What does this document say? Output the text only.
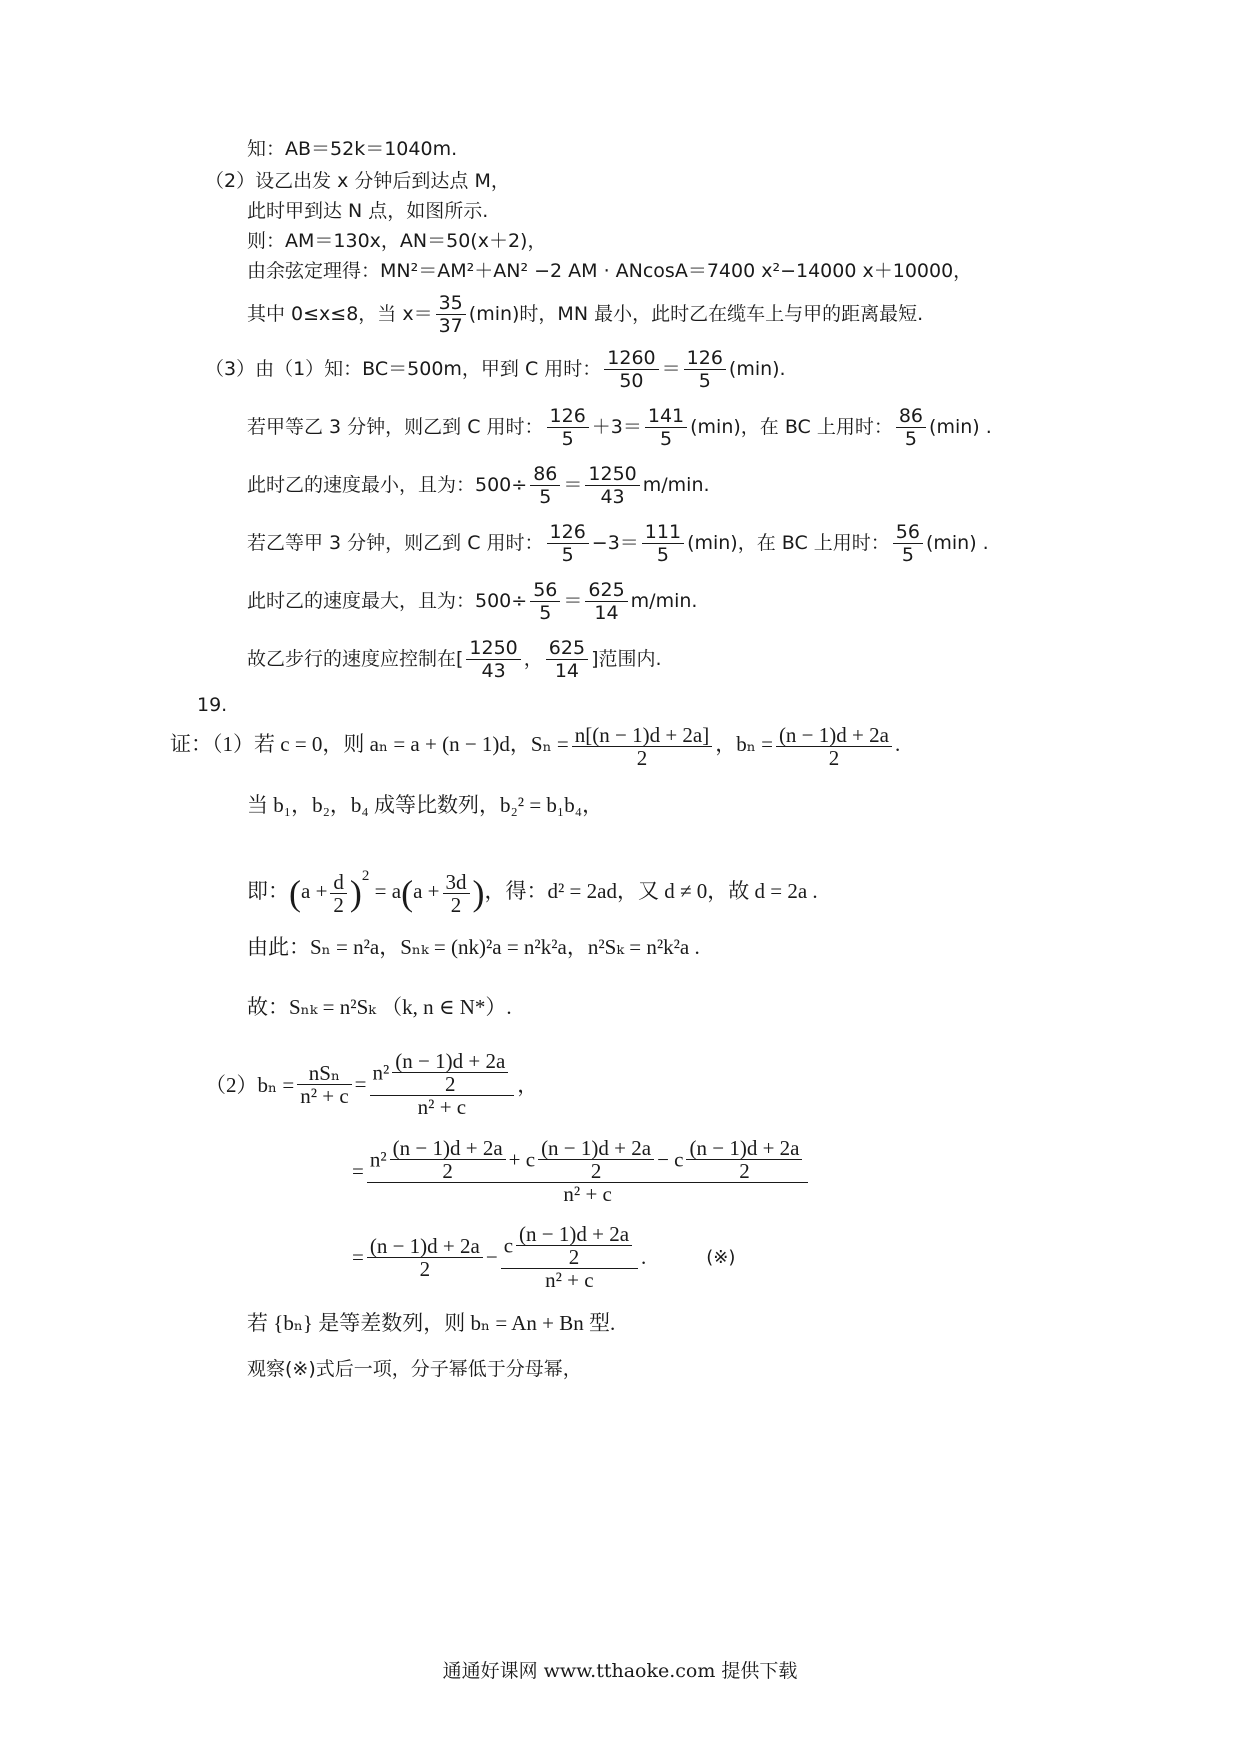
知：AB＝52k＝1040m.
（2）设乙出发 x 分钟后到达点 M，
此时甲到达 N 点，如图所示.
则：AM＝130x，AN＝50(x＋2)，
由余弦定理得：MN²＝AM²＋AN² −2 AM · ANcosA＝7400 x²−14000 x＋10000，
其中 0≤x≤8，当 $x= \frac{35}{37} (\min)$时，MN 最小，此时乙在缆车上与甲的距离最短.
（3）由（1）知：BC＝500m，甲到 C 用时： $\frac{1260}{50} = \frac{126}{5} (\min)$.
若甲等乙 3 分钟，则乙到 C 用时： $\frac{126}{5} +3= \frac{141}{5} (\min)$，在 BC 上用时： $\frac{86}{5} (\min)$ .
此时乙的速度最小，且为：$500\div \frac{86}{5} = \frac{1250}{43} m/\min$.
若乙等甲 3 分钟，则乙到 C 用时： $\frac{126}{5} -3= \frac{111}{5} (\min)$，在 BC 上用时： $\frac{56}{5} (\min)$ .
此时乙的速度最大，且为：$500\div \frac{56}{5} = \frac{625}{14} m/\min$.
故乙步行的速度应控制在[ $\frac{1250}{43}$ ， $\frac{625}{14}$ ]范围内.
19.
证：（1）若 c = 0，则 aₙ = a + (n − 1)d，$S_n = \frac{n[(n - 1)d + 2a]}{2}$ ，$b_n = \frac{(n - 1)d + 2a}{2}$ .
当 b₁，b₂，b₄ 成等比数列，b₂² = b₁b₄，
即：$(a + \frac{d}{2} )^2 = a(a + \frac{3d}{2}$ )，得：d² = 2ad，又 d ≠ 0，故 d = 2a .
由此：Sₙ = n²a，Sₙₖ = (nk)²a = n²k²a，n²Sₖ = n²k²a .
故：Sₙₖ = n²Sₖ （k, n ∈ N*）.
$(2)b_n = \frac{\text{nSₙ}}{\text{n² + c}} = \frac{n^2 \frac{(n - 1)d + 2a}{2}}{\text{n² + c}}$ ，
= $\frac{n^2 \frac{(n - 1)d + 2a}{2} + c \frac{(n - 1)d + 2a}{2} - c \frac{(n - 1)d + 2a}{2}}{\text{n² + c}}$
= $\frac{(n - 1)d + 2a}{2} - \frac{c \frac{(n - 1)d + 2a}{2}}{\text{n² + c}}$ .	(※)
若 {bₙ} 是等差数列，则 bₙ = An + Bn 型.
观察(※)式后一项，分子幂低于分母幂，
通通好课网 www.tthaoke.com 提供下载
